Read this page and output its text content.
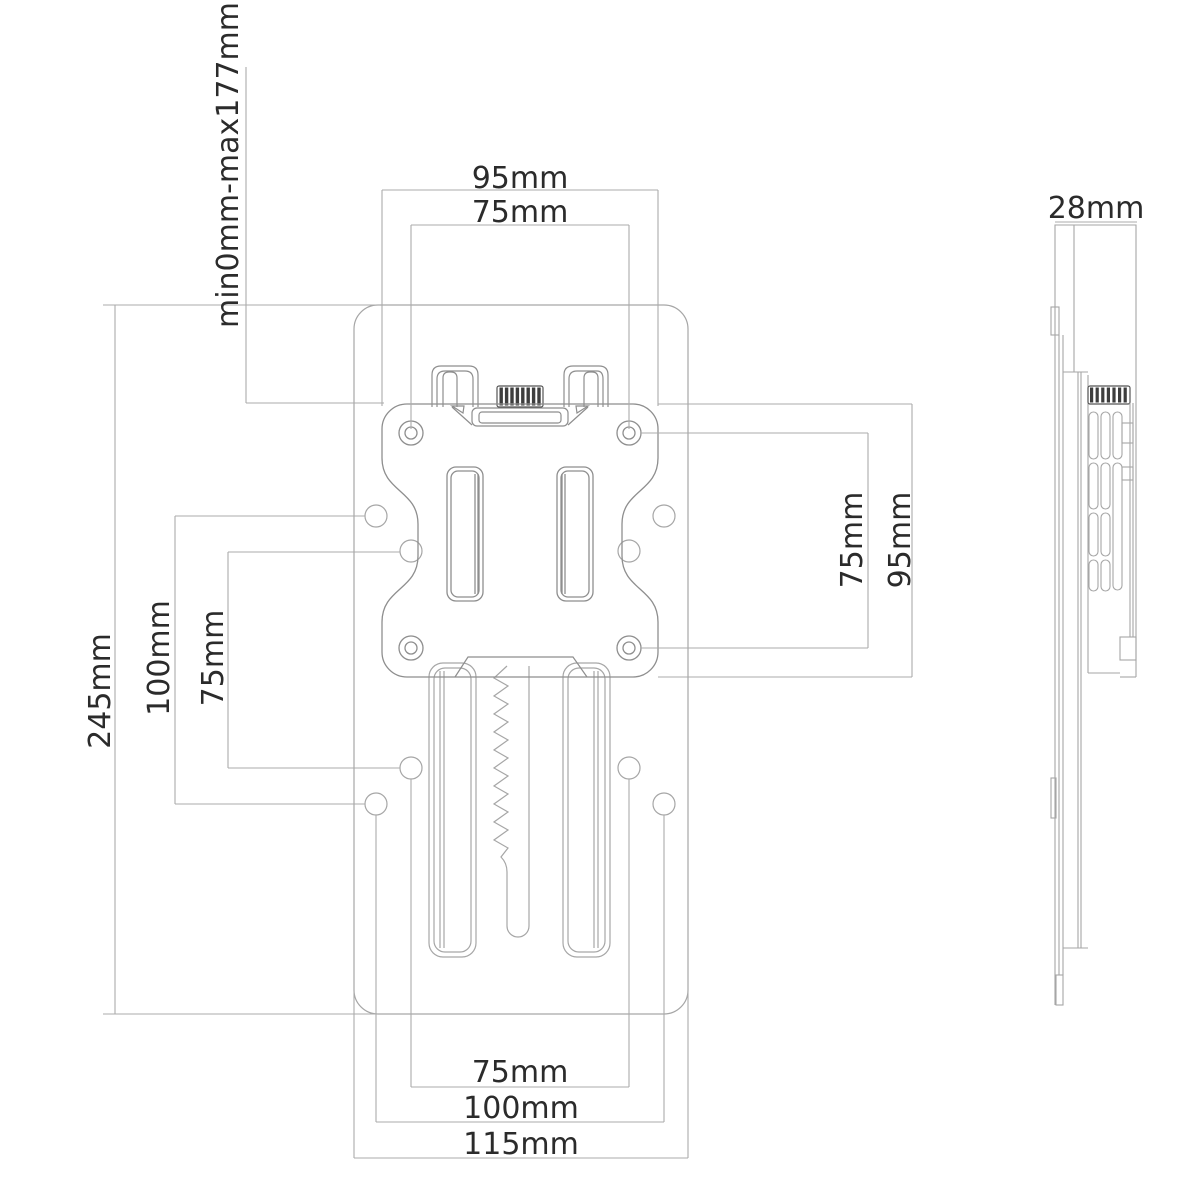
min0mm-max177mm	95mm
75mm
245mm 100mm 75mm
75mm 95mm
75mm
100mm
115mm
28mm
